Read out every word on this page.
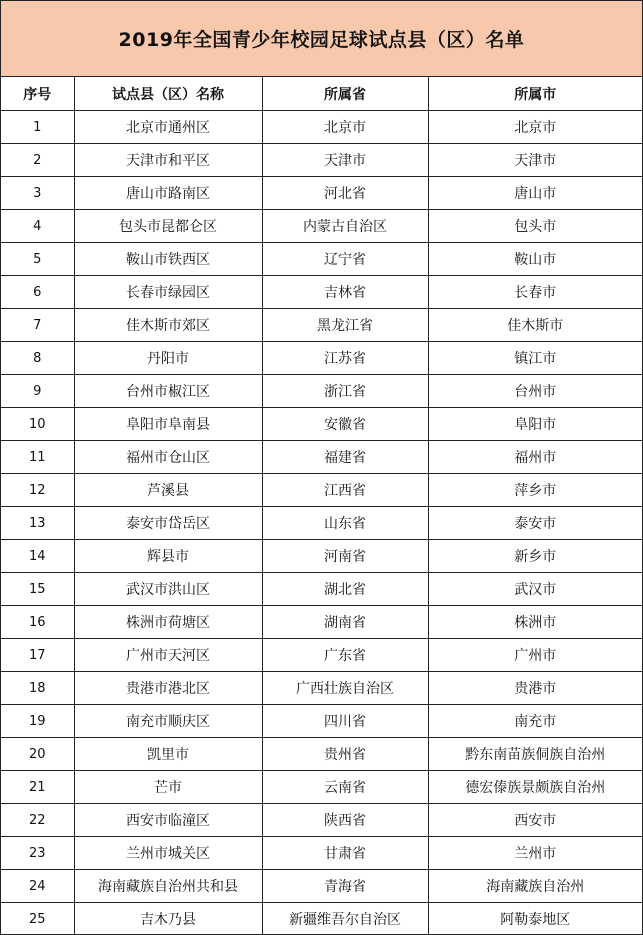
2019年全国青少年校园足球试点县（区）名单
序号	试点县（区）名称	所属省	所属市
1	北京市通州区	北京市	北京市
2	天津市和平区	天津市	天津市
3	唐山市路南区	河北省	唐山市
4	包头市昆都仑区	内蒙古自治区	包头市
5	鞍山市铁西区	辽宁省	鞍山市
6	长春市绿园区	吉林省	长春市
7	佳木斯市郊区	黑龙江省	佳木斯市
8	丹阳市	江苏省	镇江市
9	台州市椒江区	浙江省	台州市
10	阜阳市阜南县	安徽省	阜阳市
11	福州市仓山区	福建省	福州市
12	芦溪县	江西省	萍乡市
13	泰安市岱岳区	山东省	泰安市
14	辉县市	河南省	新乡市
15	武汉市洪山区	湖北省	武汉市
16	株洲市荷塘区	湖南省	株洲市
17	广州市天河区	广东省	广州市
18	贵港市港北区	广西壮族自治区	贵港市
19	南充市顺庆区	四川省	南充市
20	凯里市	贵州省	黔东南苗族侗族自治州
21	芒市	云南省	德宏傣族景颇族自治州
22	西安市临潼区	陕西省	西安市
23	兰州市城关区	甘肃省	兰州市
24	海南藏族自治州共和县	青海省	海南藏族自治州
25	吉木乃县	新疆维吾尔自治区	阿勒泰地区
